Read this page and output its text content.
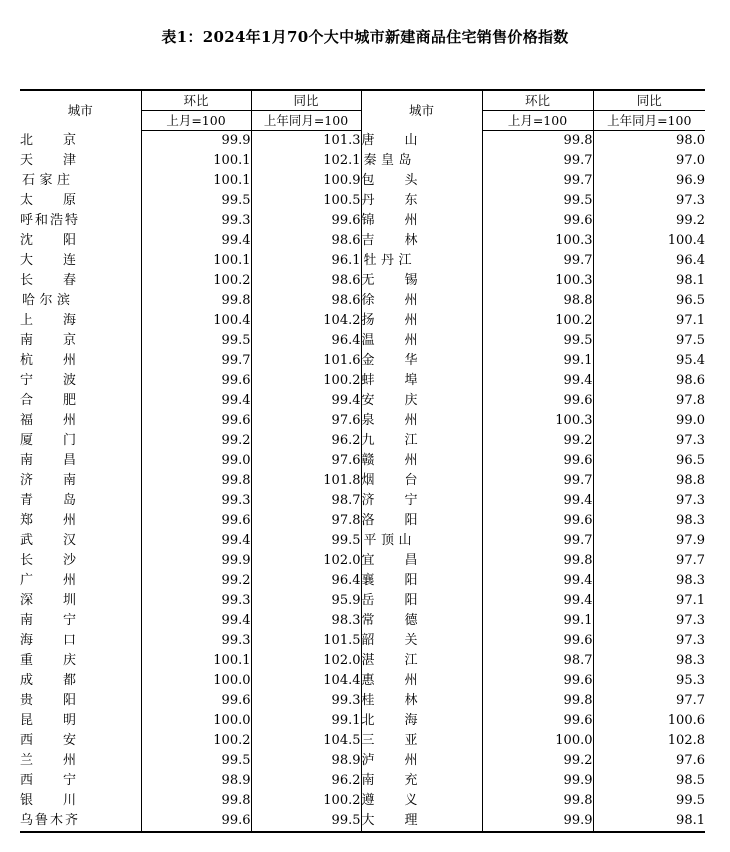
表1：2024年1月70个大中城市新建商品住宅销售价格指数
城市	环比	同比	城市	环比	同比
	上月=100	上年同月=100		上月=100	上年同月=100
北 京	99.9	101.3	唐 山	99.8	98.0
天 津	100.1	102.1	秦皇岛	99.7	97.0
石家庄	100.1	100.9	包 头	99.7	96.9
太 原	99.5	100.5	丹 东	99.5	97.3
呼和浩特	99.3	99.6	锦 州	99.6	99.2
沈 阳	99.4	98.6	吉 林	100.3	100.4
大 连	100.1	96.1	牡丹江	99.7	96.4
长 春	100.2	98.6	无 锡	100.3	98.1
哈尔滨	99.8	98.6	徐 州	98.8	96.5
上 海	100.4	104.2	扬 州	100.2	97.1
南 京	99.5	96.4	温 州	99.5	97.5
杭 州	99.7	101.6	金 华	99.1	95.4
宁 波	99.6	100.2	蚌 埠	99.4	98.6
合 肥	99.4	99.4	安 庆	99.6	97.8
福 州	99.6	97.6	泉 州	100.3	99.0
厦 门	99.2	96.2	九 江	99.2	97.3
南 昌	99.0	97.6	赣 州	99.6	96.5
济 南	99.8	101.8	烟 台	99.7	98.8
青 岛	99.3	98.7	济 宁	99.4	97.3
郑 州	99.6	97.8	洛 阳	99.6	98.3
武 汉	99.4	99.5	平顶山	99.7	97.9
长 沙	99.9	102.0	宜 昌	99.8	97.7
广 州	99.2	96.4	襄 阳	99.4	98.3
深 圳	99.3	95.9	岳 阳	99.4	97.1
南 宁	99.4	98.3	常 德	99.1	97.3
海 口	99.3	101.5	韶 关	99.6	97.3
重 庆	100.1	102.0	湛 江	98.7	98.3
成 都	100.0	104.4	惠 州	99.6	95.3
贵 阳	99.6	99.3	桂 林	99.8	97.7
昆 明	100.0	99.1	北 海	99.6	100.6
西 安	100.2	104.5	三 亚	100.0	102.8
兰 州	99.5	98.9	泸 州	99.2	97.6
西 宁	98.9	96.2	南 充	99.9	98.5
银 川	99.8	100.2	遵 义	99.8	99.5
乌鲁木齐	99.6	99.5	大 理	99.9	98.1
